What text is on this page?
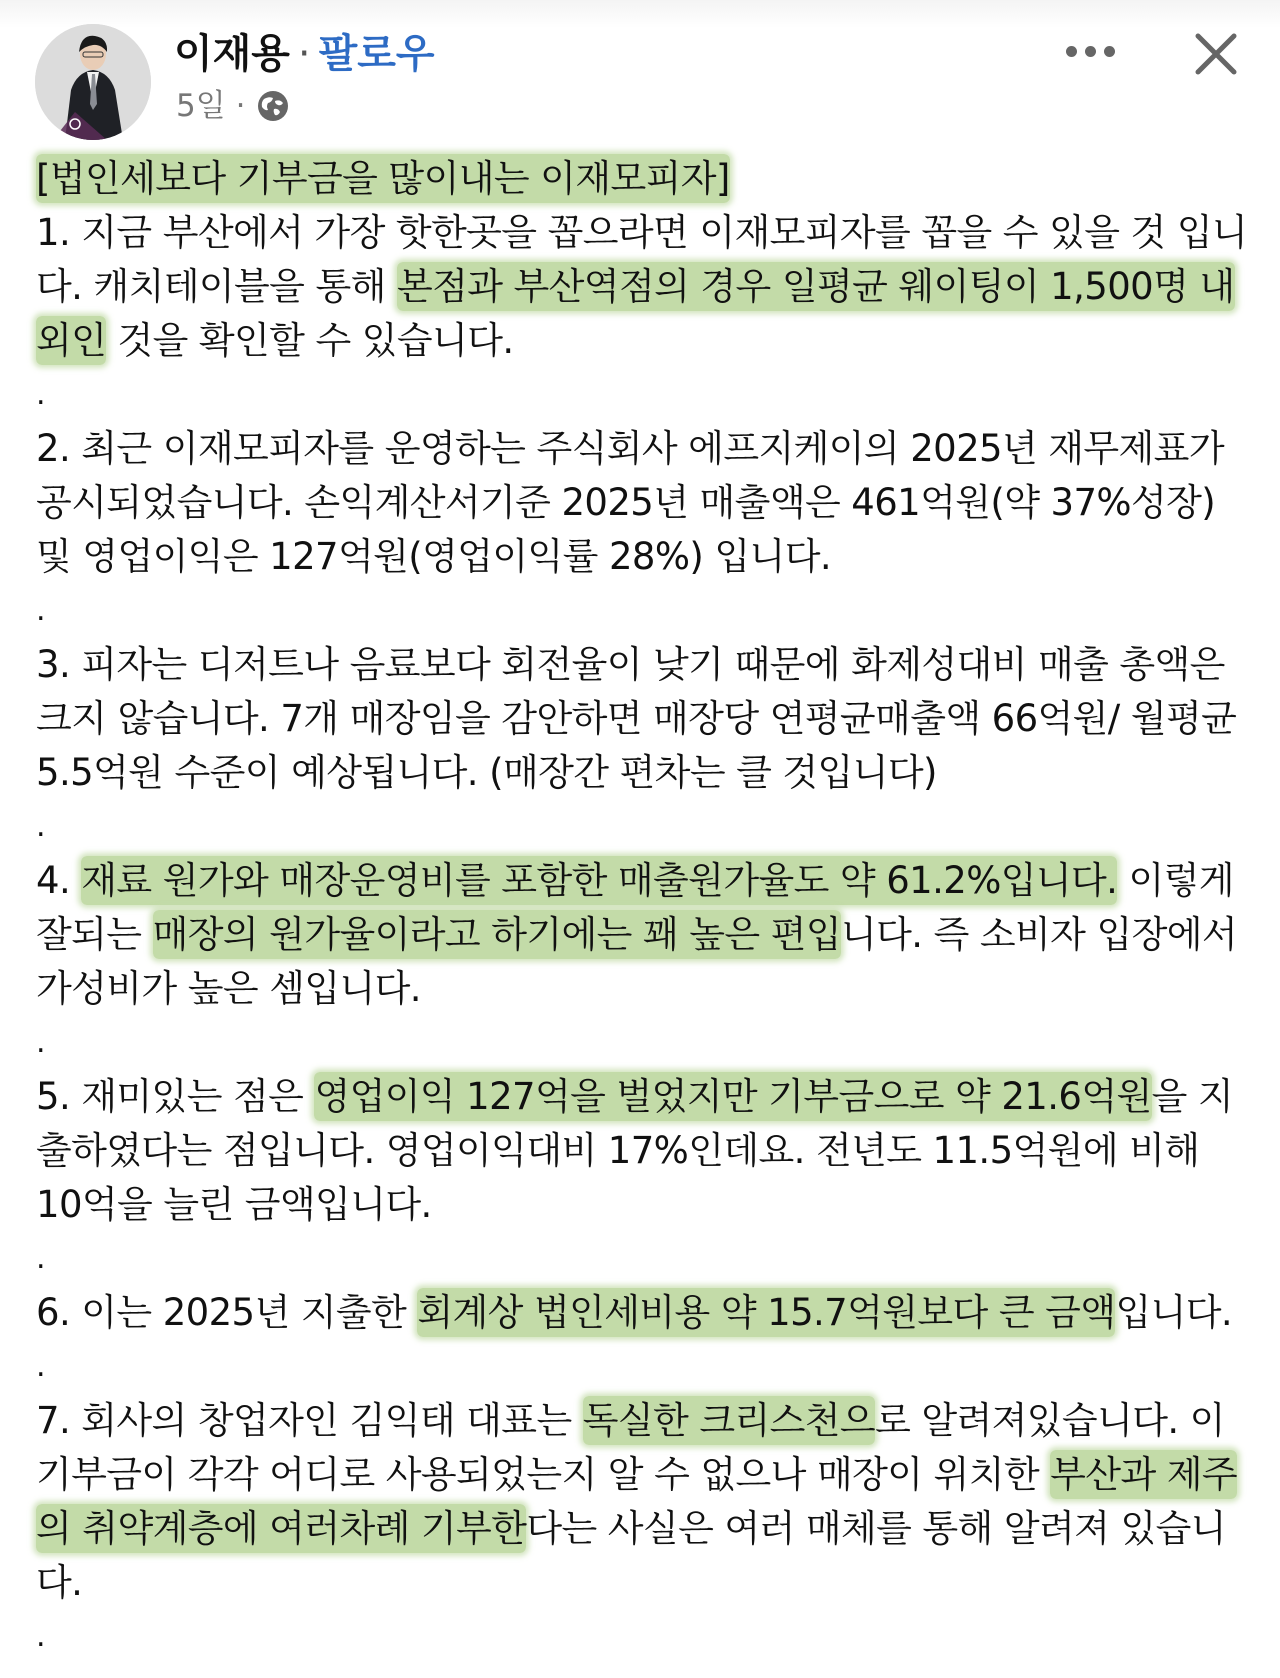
이재용 · 팔로우
5일 ·

[법인세보다 기부금을 많이내는 이재모피자]

1. 지금 부산에서 가장 핫한곳을 꼽으라면 이재모피자를 꼽을 수 있을 것 입니다. 캐치테이블을 통해 본점과 부산역점의 경우 일평균 웨이팅이 1,500명 내외인 것을 확인할 수 있습니다.

.

2. 최근 이재모피자를 운영하는 주식회사 에프지케이의 2025년 재무제표가 공시되었습니다. 손익계산서기준 2025년 매출액은 461억원(약 37%성장) 및 영업이익은 127억원(영업이익률 28%) 입니다.

.

3. 피자는 디저트나 음료보다 회전율이 낮기 때문에 화제성대비 매출 총액은 크지 않습니다. 7개 매장임을 감안하면 매장당 연평균매출액 66억원/ 월평균 5.5억원 수준이 예상됩니다. (매장간 편차는 클 것입니다)

.

4. 재료 원가와 매장운영비를 포함한 매출원가율도 약 61.2%입니다. 이렇게 잘되는 매장의 원가율이라고 하기에는 꽤 높은 편입니다. 즉 소비자 입장에서 가성비가 높은 셈입니다.

.

5. 재미있는 점은 영업이익 127억을 벌었지만 기부금으로 약 21.6억원을 지출하였다는 점입니다. 영업이익대비 17%인데요. 전년도 11.5억원에 비해 10억을 늘린 금액입니다.

.

6. 이는 2025년 지출한 회계상 법인세비용 약 15.7억원보다 큰 금액입니다.

.

7. 회사의 창업자인 김익태 대표는 독실한 크리스천으로 알려져있습니다. 이 기부금이 각각 어디로 사용되었는지 알 수 없으나 매장이 위치한 부산과 제주의 취약계층에 여러차례 기부한다는 사실은 여러 매체를 통해 알려져 있습니다.

.
